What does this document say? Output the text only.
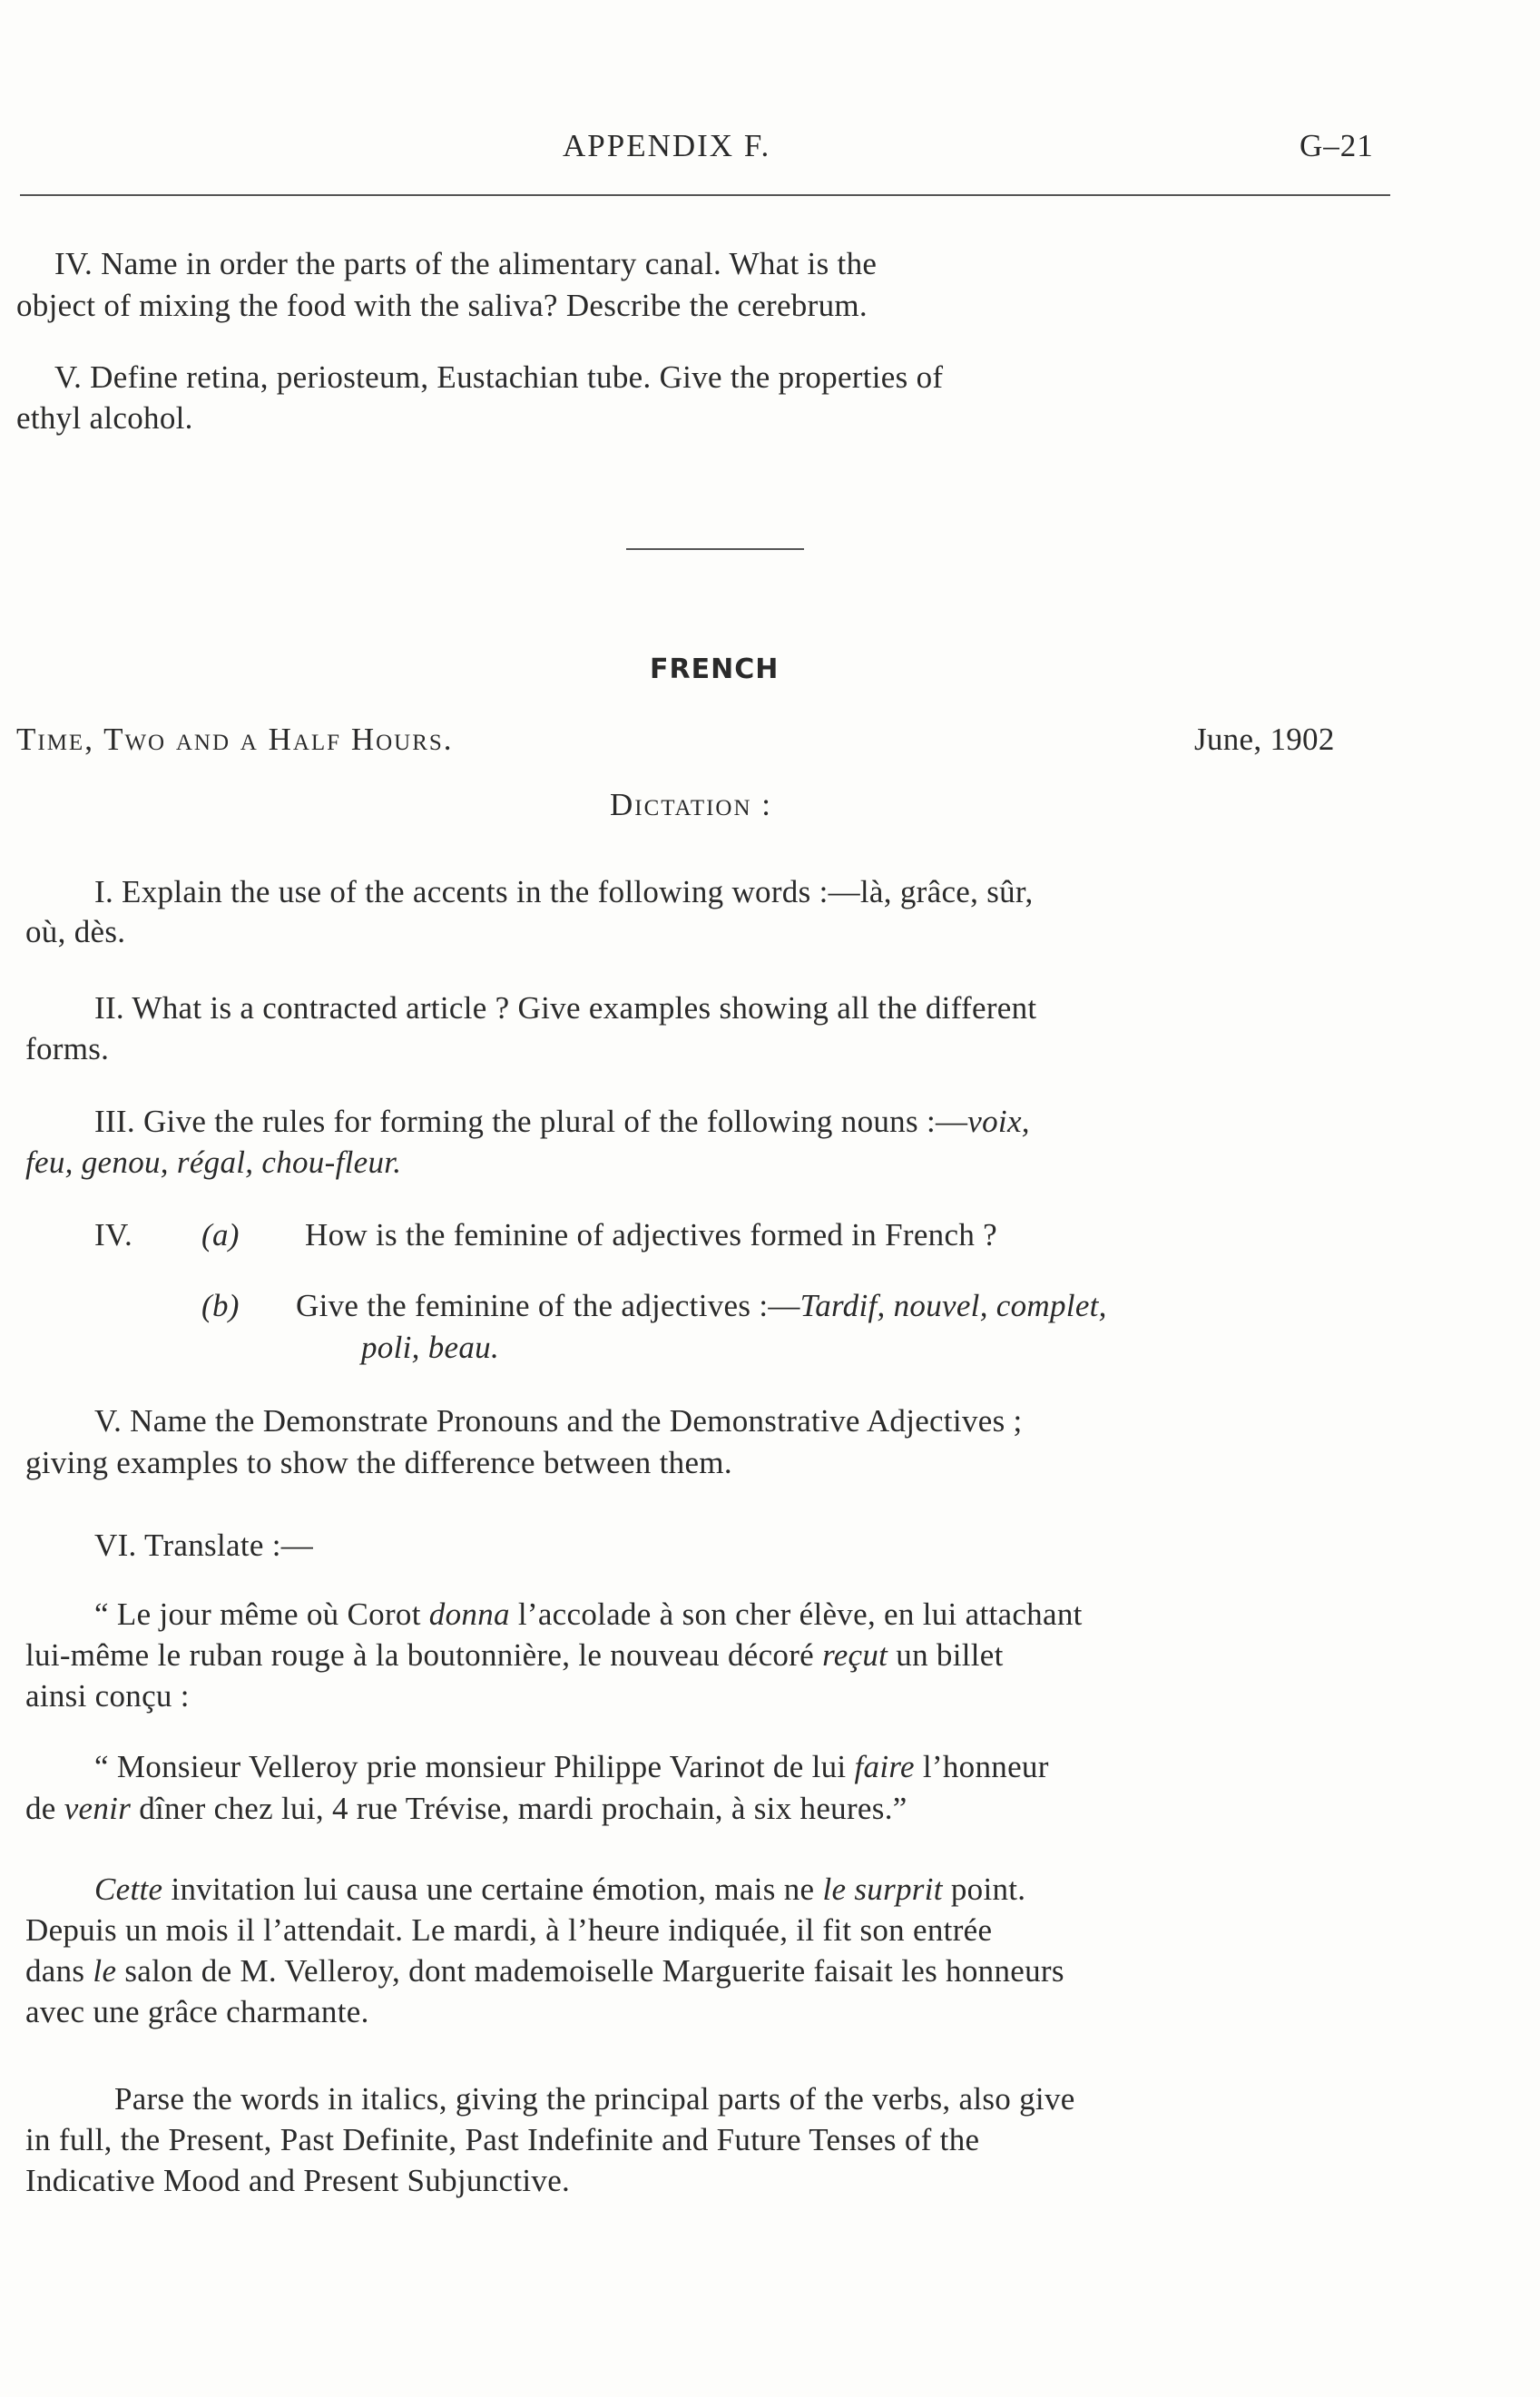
APPENDIX F.	G–21
IV. Name in order the parts of the alimentary canal. What is the
object of mixing the food with the saliva? Describe the cerebrum.
V. Define retina, periosteum, Eustachian tube. Give the properties of
ethyl alcohol.
FRENCH
Time, Two and a Half Hours.	June, 1902
Dictation :
I. Explain the use of the accents in the following words :—là, grâce, sûr,
où, dès.
II. What is a contracted article ? Give examples showing all the different
forms.
III. Give the rules for forming the plural of the following nouns :—voix,
feu, genou, régal, chou-fleur.
IV. (a) How is the feminine of adjectives formed in French ?
(b) Give the feminine of the adjectives :—Tardif, nouvel, complet,
poli, beau.
V. Name the Demonstrate Pronouns and the Demonstrative Adjectives ;
giving examples to show the difference between them.
VI. Translate :—
“ Le jour même où Corot donna l’accolade à son cher élève, en lui attachant
lui-même le ruban rouge à la boutonnière, le nouveau décoré reçut un billet
ainsi conçu :
“ Monsieur Velleroy prie monsieur Philippe Varinot de lui faire l’honneur
de venir dîner chez lui, 4 rue Trévise, mardi prochain, à six heures.”
Cette invitation lui causa une certaine émotion, mais ne le surprit point.
Depuis un mois il l’attendait. Le mardi, à l’heure indiquée, il fit son entrée
dans le salon de M. Velleroy, dont mademoiselle Marguerite faisait les honneurs
avec une grâce charmante.
Parse the words in italics, giving the principal parts of the verbs, also give
in full, the Present, Past Definite, Past Indefinite and Future Tenses of the
Indicative Mood and Present Subjunctive.
